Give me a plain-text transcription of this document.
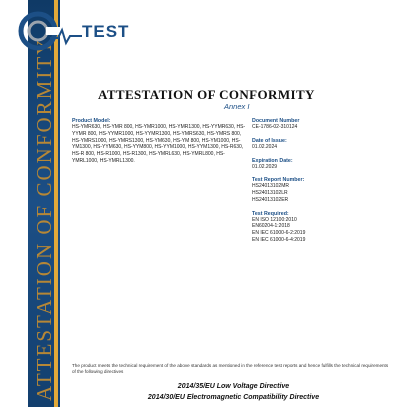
ATTESTATION OF CONFORMITY
TEST
ATTESTATION OF CONFORMITY
Annex I
Product Model:
HS-YMR630, HS-YMR 800, HS-YMR1000, HS-YMR1300, HS-YYMR630, HS-YYMR 800, HS-YYMR1000, HS-YYMR1300, HS-YMRS630, HS-YMRS 800, HS-YMRS1000, HS-YMRS1300, HS-YM630, HS-YM 800, HS-YM1000, HS-YM1300, HS-YYM630, HS-YYM800, HS-YYM1000, HS-YYM1300, HS-R630, HS-R 800, HS-R1000, HS-R1300, HS-YMRL630, HS-YMRL800, HS-YMRL1000, HS-YMRL1300.
Document Number
CE-1786-02-310124
Date of Issue:
01.02.2024
Expiration Date:
01.02.2029
Test Report Number:
HS24013102MR
HS24013102LR
HS24013102ER
Test Required:
EN ISO 12100:2010
EN60204-1:2018
EN IEC 61000-6-2:2019
EN IEC 61000-6-4:2019
The product meets the technical requirement of the above standards as mentioned in the reference test reports and hence fulfills the technical requirements of the following directives
2014/35/EU Low Voltage Directive
2014/30/EU Electromagnetic Compatibility Directive
